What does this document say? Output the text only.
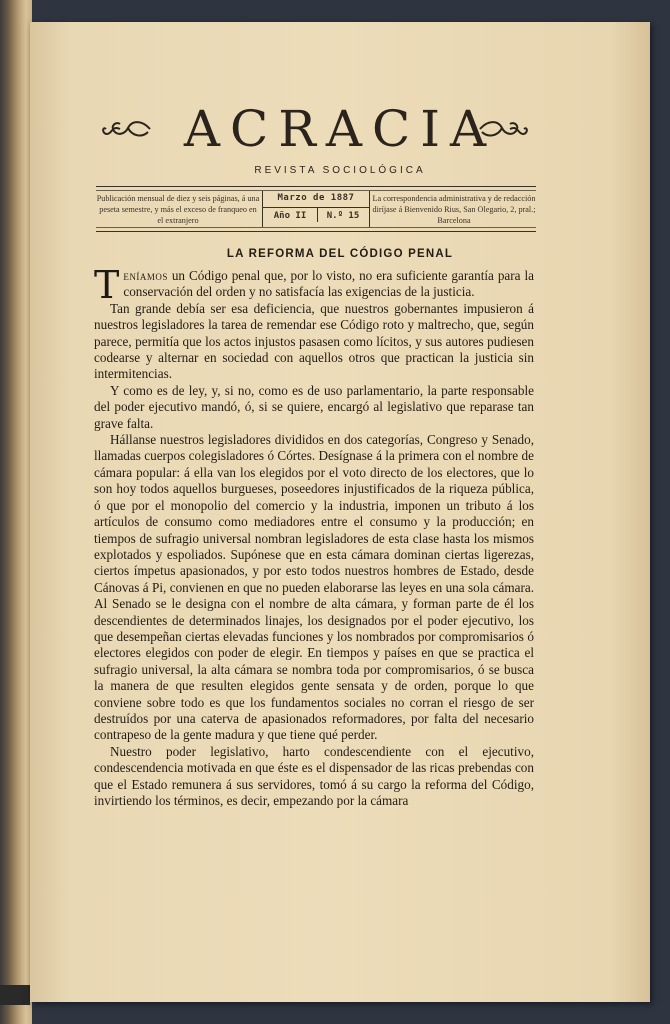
ACRACIA
REVISTA SOCIOLÓGICA
Publicación mensual de diez y seis páginas, á una peseta semestre, y más el exceso de franqueo en el extranjero
Marzo de 1887
Año II	N.º 15
La correspondencia administrativa y de redacción diríjase á Bienvenido Rius, San Olegario, 2, pral.; Barcelona
LA REFORMA DEL CÓDIGO PENAL

Teníamos un Código penal que, por lo visto, no era suficiente garantía para la conservación del orden y no satisfacía las exigencias de la justicia.

Tan grande debía ser esa deficiencia, que nuestros gobernantes impusieron á nuestros legisladores la tarea de remendar ese Código roto y maltrecho, que, según parece, permitía que los actos injustos pasasen como lícitos, y sus autores pudiesen codearse y alternar en sociedad con aquellos otros que practican la justicia sin intermitencias.

Y como es de ley, y, si no, como es de uso parlamentario, la parte responsable del poder ejecutivo mandó, ó, si se quiere, encargó al legislativo que reparase tan grave falta.

Hállanse nuestros legisladores divididos en dos categorías, Congreso y Senado, llamadas cuerpos colegisladores ó Córtes. Desígnase á la primera con el nombre de cámara popular: á ella van los elegidos por el voto directo de los electores, que lo son hoy todos aquellos burgueses, poseedores injustificados de la riqueza pública, ó que por el monopolio del comercio y la industria, imponen un tributo á los artículos de consumo como mediadores entre el consumo y la producción; en tiempos de sufragio universal nombran legisladores de esta clase hasta los mismos explotados y espoliados. Supónese que en esta cámara dominan ciertas ligerezas, ciertos ímpetus apasionados, y por esto todos nuestros hombres de Estado, desde Cánovas á Pi, convienen en que no pueden elaborarse las leyes en una sola cámara. Al Senado se le designa con el nombre de alta cámara, y forman parte de él los descendientes de determinados linajes, los designados por el poder ejecutivo, los que desempeñan ciertas elevadas funciones y los nombrados por compromisarios ó electores elegidos con poder de elegir. En tiempos y países en que se practica el sufragio universal, la alta cámara se nombra toda por compromisarios, ó se busca la manera de que resulten elegidos gente sensata y de orden, porque lo que conviene sobre todo es que los fundamentos sociales no corran el riesgo de ser destruídos por una caterva de apasionados reformadores, por falta del necesario contrapeso de la gente madura y que tiene qué perder.

Nuestro poder legislativo, harto condescendiente con el ejecutivo, condescendencia motivada en que éste es el dispensador de las ricas prebendas con que el Estado remunera á sus servidores, tomó á su cargo la reforma del Código, invirtiendo los términos, es decir, empezando por la cámara
